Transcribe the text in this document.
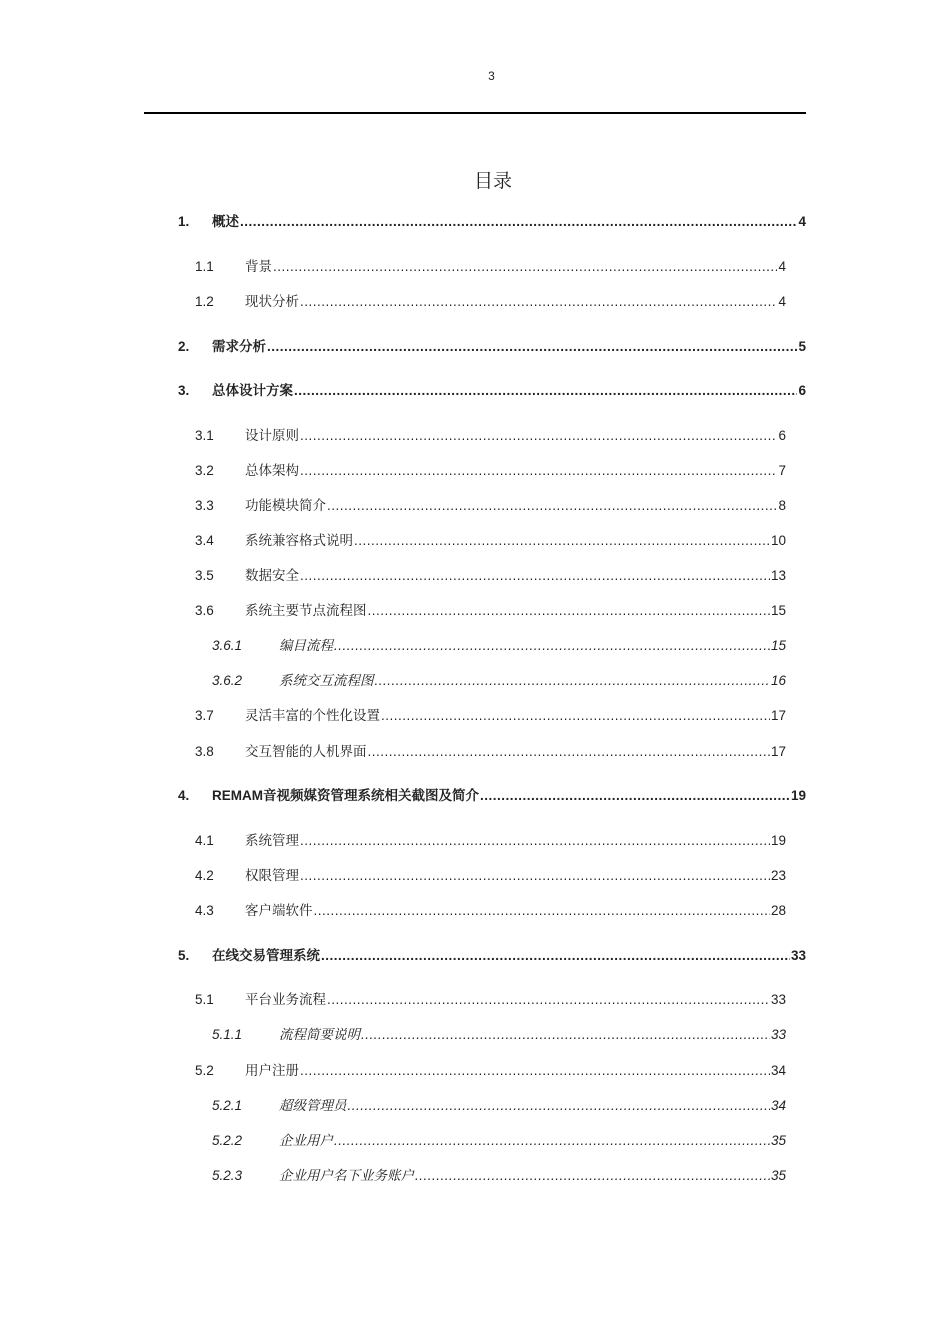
3
目录
1.	概述 .....	4
1.1	背景 .....	4
1.2	现状分析 .....	4
2.	需求分析 .....	5
3.	总体设计方案 .....	6
3.1	设计原则 .....	6
3.2	总体架构 .....	7
3.3	功能模块简介 .....	8
3.4	系统兼容格式说明 .....	10
3.5	数据安全 .....	13
3.6	系统主要节点流程图 .....	15
3.6.1	编目流程 .....	15
3.6.2	系统交互流程图 .....	16
3.7	灵活丰富的个性化设置 .....	17
3.8	交互智能的人机界面 .....	17
4.	REMAM音视频媒资管理系统相关截图及简介 .....	19
4.1	系统管理 .....	19
4.2	权限管理 .....	23
4.3	客户端软件 .....	28
5.	在线交易管理系统 .....	33
5.1	平台业务流程 .....	33
5.1.1	流程简要说明 .....	33
5.2	用户注册 .....	34
5.2.1	超级管理员 .....	34
5.2.2	企业用户 .....	35
5.2.3	企业用户名下业务账户 .....	35
